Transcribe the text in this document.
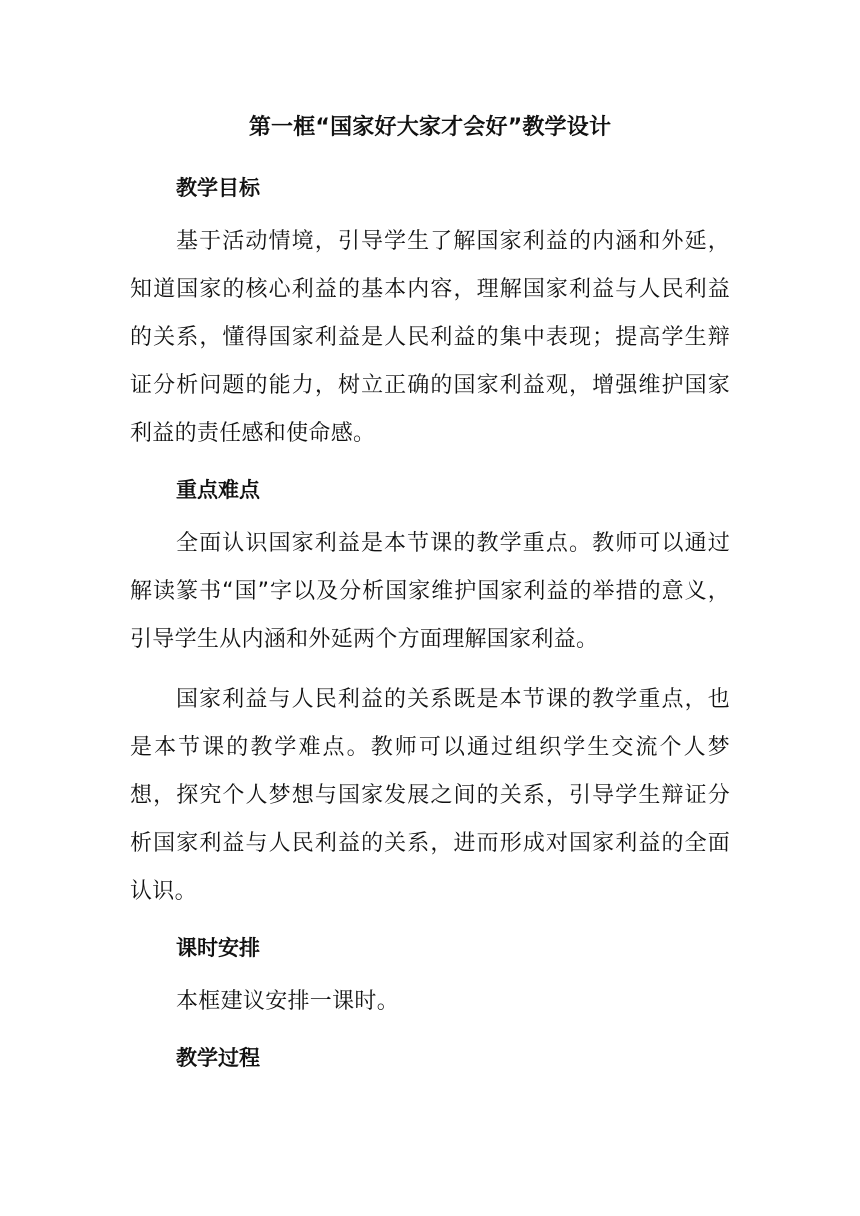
第一框“国家好大家才会好”教学设计
教学目标

基于活动情境，引导学生了解国家利益的内涵和外延，知道国家的核心利益的基本内容，理解国家利益与人民利益的关系，懂得国家利益是人民利益的集中表现；提高学生辩证分析问题的能力，树立正确的国家利益观，增强维护国家利益的责任感和使命感。

重点难点

全面认识国家利益是本节课的教学重点。教师可以通过解读篆书“国”字以及分析国家维护国家利益的举措的意义，引导学生从内涵和外延两个方面理解国家利益。

国家利益与人民利益的关系既是本节课的教学重点，也是本节课的教学难点。教师可以通过组织学生交流个人梦想，探究个人梦想与国家发展之间的关系，引导学生辩证分析国家利益与人民利益的关系，进而形成对国家利益的全面认识。

课时安排

本框建议安排一课时。

教学过程
